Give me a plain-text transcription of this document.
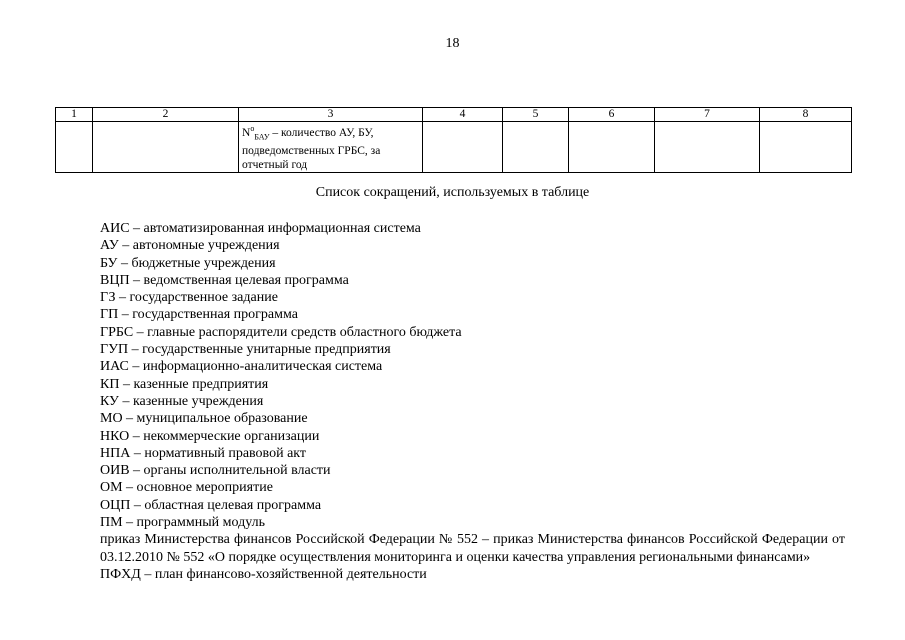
18
1	2	3	4	5	6	7	8

		$N^о_{БАУ}$ – количество АУ, БУ, подведомственных ГРБС, за отчетный год					

Список сокращений, используемых в таблице
АИС – автоматизированная информационная система
АУ – автономные учреждения
БУ – бюджетные учреждения
ВЦП – ведомственная целевая программа
ГЗ – государственное задание
ГП – государственная программа
ГРБС – главные распорядители средств областного бюджета
ГУП – государственные унитарные предприятия
ИАС – информационно-аналитическая система
КП – казенные предприятия
КУ – казенные учреждения
МО – муниципальное образование
НКО – некоммерческие организации
НПА – нормативный правовой акт
ОИВ – органы исполнительной власти
ОМ – основное мероприятие
ОЦП – областная целевая программа
ПМ – программный модуль
приказ Министерства финансов Российской Федерации № 552 – приказ Министерства финансов Российской Федерации от 03.12.2010 № 552 «О порядке осуществления мониторинга и оценки качества управления региональными финансами»
ПФХД – план финансово-хозяйственной деятельности
